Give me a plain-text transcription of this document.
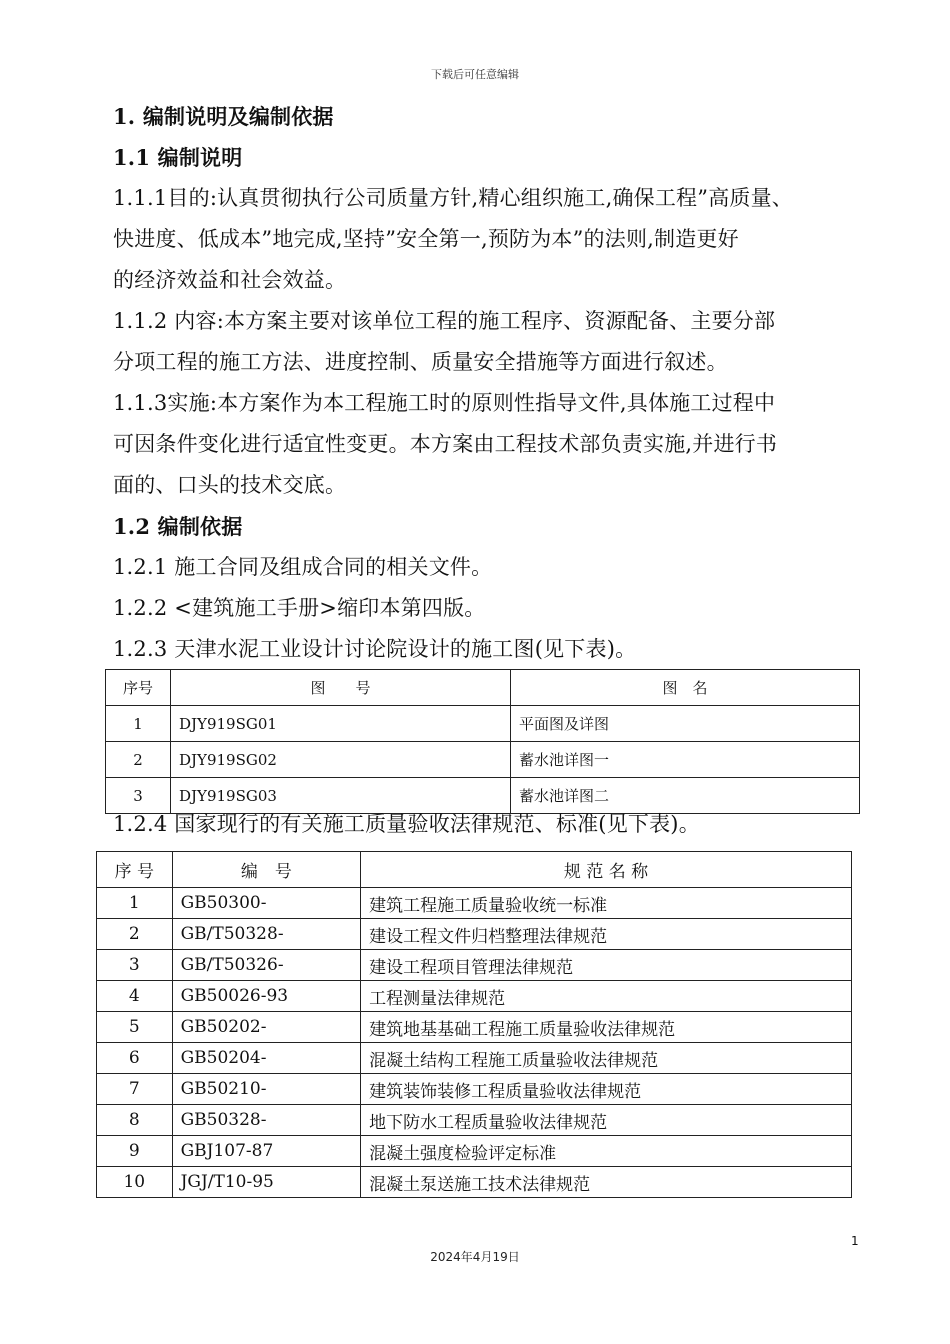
下载后可任意编辑

1. 编制说明及编制依据

1.1 编制说明

1.1.1目的:认真贯彻执行公司质量方针,精心组织施工,确保工程”高质量、

快进度、低成本”地完成,坚持”安全第一,预防为本”的法则,制造更好

的经济效益和社会效益。

1.1.2 内容:本方案主要对该单位工程的施工程序、资源配备、主要分部

分项工程的施工方法、进度控制、质量安全措施等方面进行叙述。

1.1.3实施:本方案作为本工程施工时的原则性指导文件,具体施工过程中

可因条件变化进行适宜性变更。本方案由工程技术部负责实施,并进行书

面的、口头的技术交底。

1.2 编制依据

1.2.1 施工合同及组成合同的相关文件。

1.2.2 <建筑施工手册>缩印本第四版。

1.2.3 天津水泥工业设计讨论院设计的施工图(见下表)。

序号	图　　号	图　名
1	DJY919SG01	平面图及详图
2	DJY919SG02	蓄水池详图一
3	DJY919SG03	蓄水池详图二

1.2.4 国家现行的有关施工质量验收法律规范、标准(见下表)。

序 号	编　号	规 范 名 称
1	GB50300-	建筑工程施工质量验收统一标准
2	GB/T50328-	建设工程文件归档整理法律规范
3	GB/T50326-	建设工程项目管理法律规范
4	GB50026-93	工程测量法律规范
5	GB50202-	建筑地基基础工程施工质量验收法律规范
6	GB50204-	混凝土结构工程施工质量验收法律规范
7	GB50210-	建筑装饰装修工程质量验收法律规范
8	GB50328-	地下防水工程质量验收法律规范
9	GBJ107-87	混凝土强度检验评定标准
10	JGJ/T10-95	混凝土泵送施工技术法律规范
1
2024年4月19日
